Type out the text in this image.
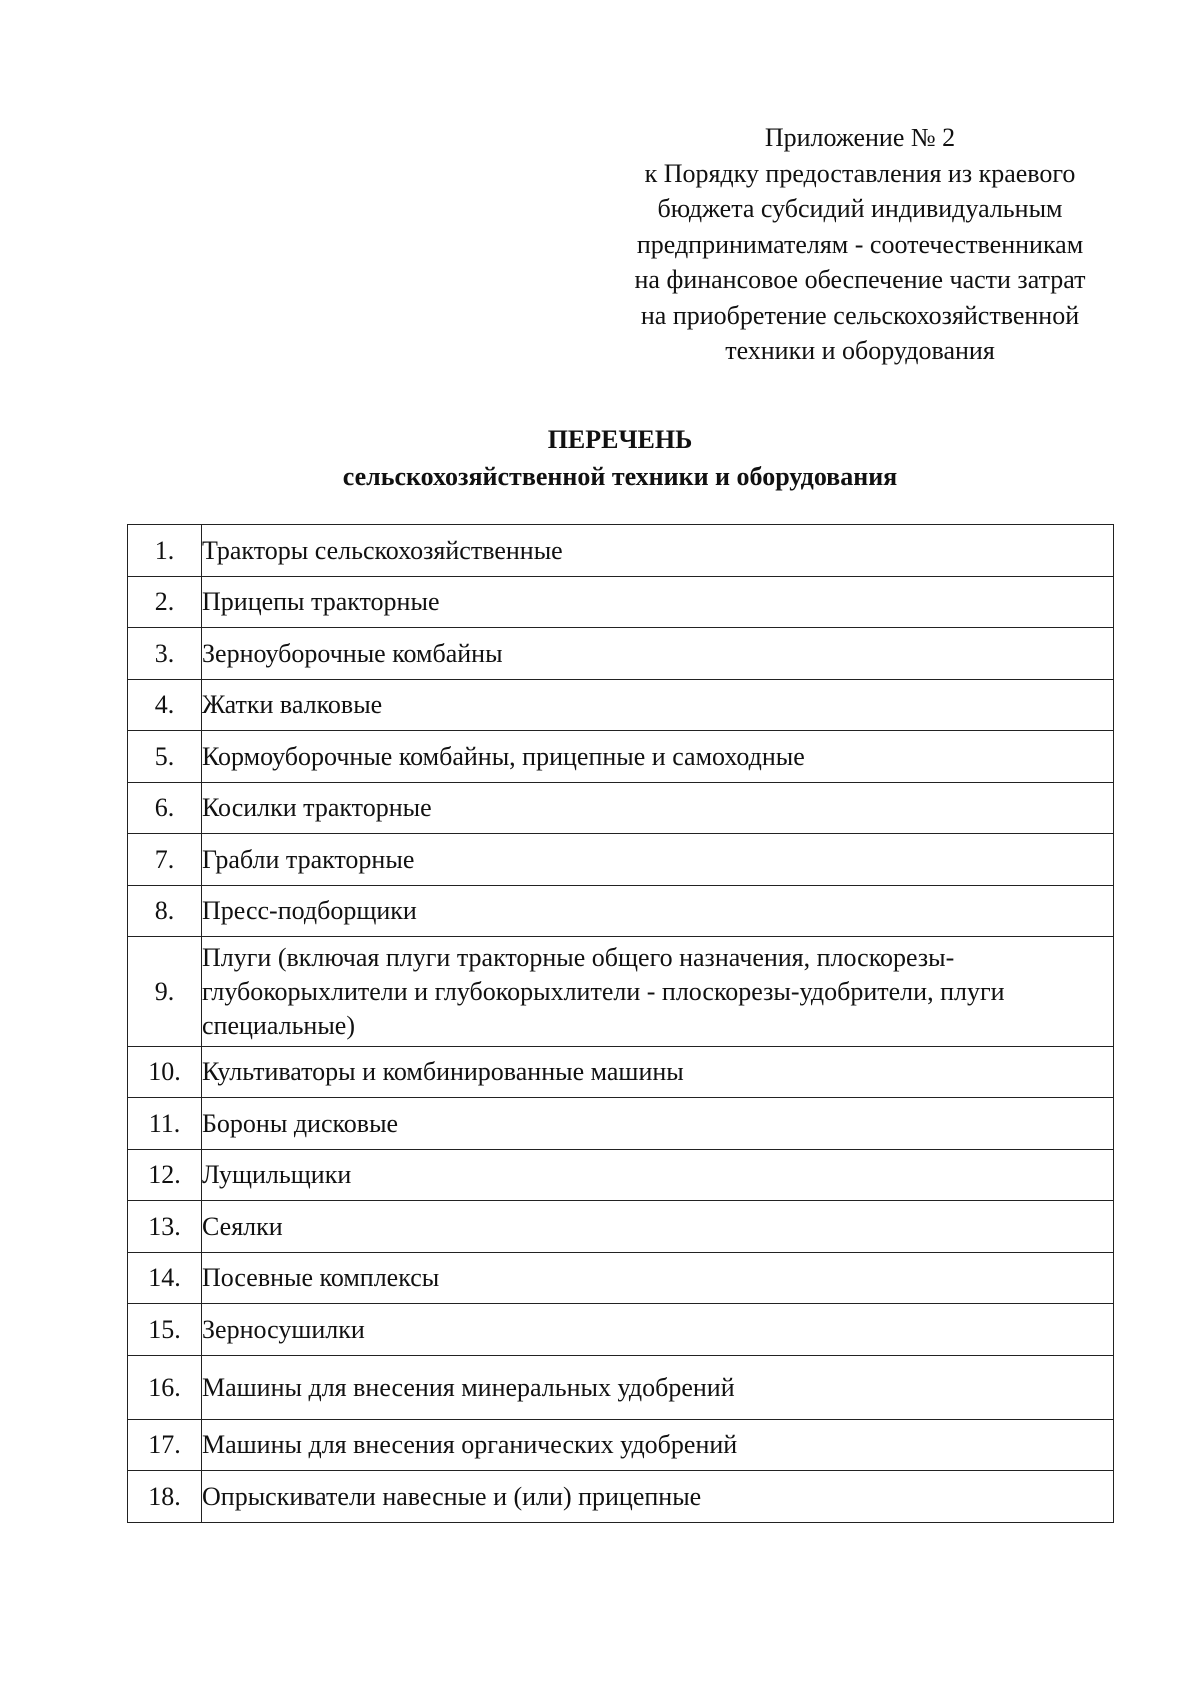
Приложение № 2
к Порядку предоставления из краевого
бюджета субсидий индивидуальным
предпринимателям - соотечественникам
на финансовое обеспечение части затрат
на приобретение сельскохозяйственной
техники и оборудования
ПЕРЕЧЕНЬ
сельскохозяйственной техники и оборудования
1.	Тракторы сельскохозяйственные
2.	Прицепы тракторные
3.	Зерноуборочные комбайны
4.	Жатки валковые
5.	Кормоуборочные комбайны, прицепные и самоходные
6.	Косилки тракторные
7.	Грабли тракторные
8.	Пресс-подборщики
9.	Плуги (включая плуги тракторные общего назначения, плоскорезы-глубокорыхлители и глубокорыхлители - плоскорезы-удобрители, плуги специальные)
10.	Культиваторы и комбинированные машины
11.	Бороны дисковые
12.	Лущильщики
13.	Сеялки
14.	Посевные комплексы
15.	Зерносушилки
16.	Машины для внесения минеральных удобрений
17.	Машины для внесения органических удобрений
18.	Опрыскиватели навесные и (или) прицепные
